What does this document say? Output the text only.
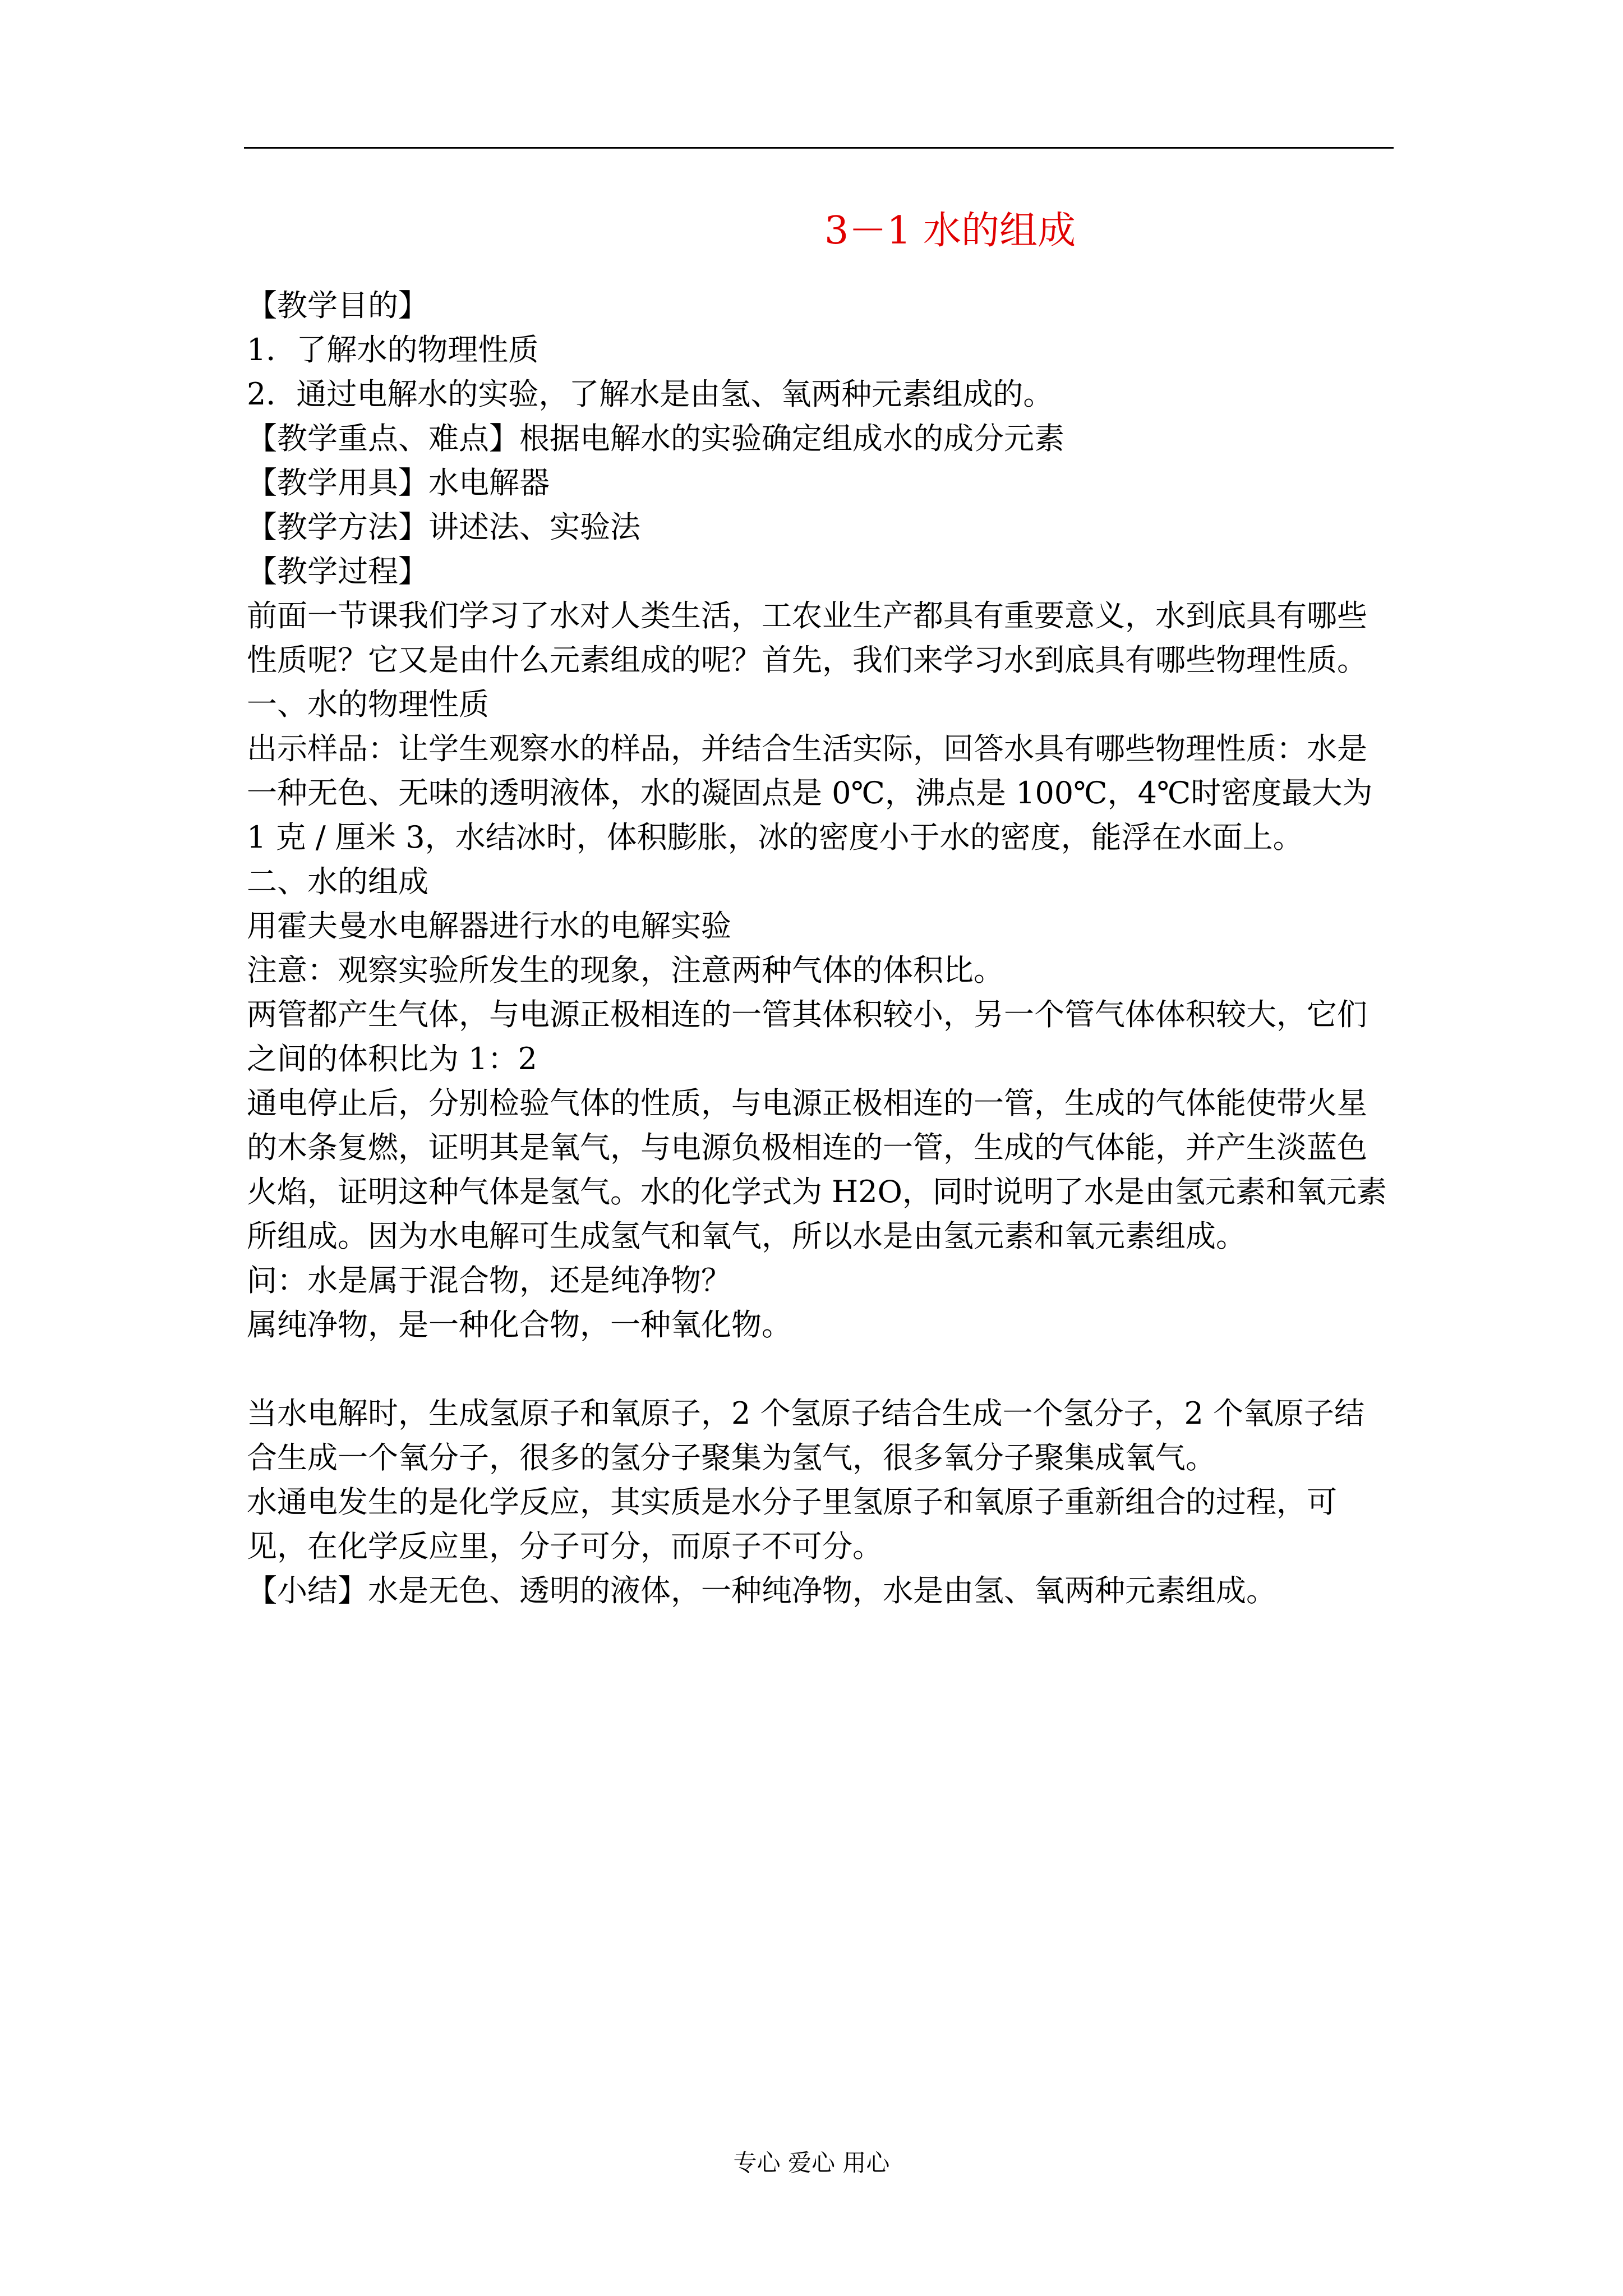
3－1 水的组成

【教学目的】

1．了解水的物理性质

2．通过电解水的实验，了解水是由氢、氧两种元素组成的。

【教学重点、难点】根据电解水的实验确定组成水的成分元素

【教学用具】水电解器

【教学方法】讲述法、实验法

【教学过程】

前面一节课我们学习了水对人类生活，工农业生产都具有重要意义，水到底具有哪些性质呢？它又是由什么元素组成的呢？首先，我们来学习水到底具有哪些物理性质。

一、水的物理性质

出示样品：让学生观察水的样品，并结合生活实际，回答水具有哪些物理性质：水是一种无色、无味的透明液体，水的凝固点是 0℃，沸点是 100℃，4℃时密度最大为 1 克 / 厘米 3，水结冰时，体积膨胀，冰的密度小于水的密度，能浮在水面上。

二、水的组成

用霍夫曼水电解器进行水的电解实验

注意：观察实验所发生的现象，注意两种气体的体积比。

两管都产生气体，与电源正极相连的一管其体积较小，另一个管气体体积较大，它们之间的体积比为 1：2

通电停止后，分别检验气体的性质，与电源正极相连的一管，生成的气体能使带火星的木条复燃，证明其是氧气，与电源负极相连的一管，生成的气体能，并产生淡蓝色火焰，证明这种气体是氢气。水的化学式为 H2O，同时说明了水是由氢元素和氧元素所组成。因为水电解可生成氢气和氧气，所以水是由氢元素和氧元素组成。

问：水是属于混合物，还是纯净物？

属纯净物，是一种化合物，一种氧化物。

当水电解时，生成氢原子和氧原子，2 个氢原子结合生成一个氢分子，2 个氧原子结合生成一个氧分子，很多的氢分子聚集为氢气，很多氧分子聚集成氧气。

水通电发生的是化学反应，其实质是水分子里氢原子和氧原子重新组合的过程，可见，在化学反应里，分子可分，而原子不可分。

【小结】水是无色、透明的液体，一种纯净物，水是由氢、氧两种元素组成。

专心 爱心 用心
